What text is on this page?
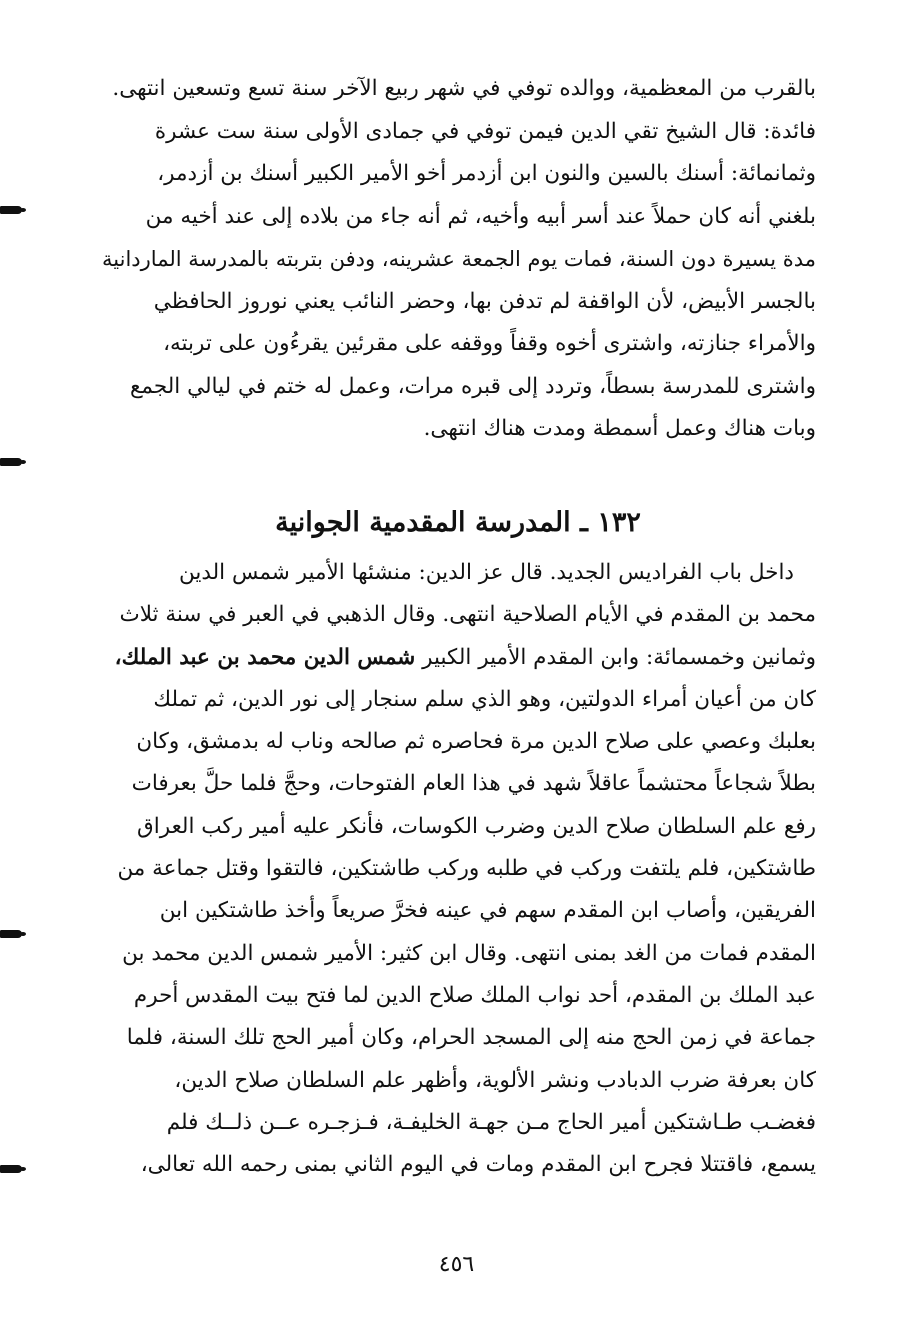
بالقرب من المعظمية، ووالده توفي في شهر ربيع الآخر سنة تسع وتسعين انتهى.
فائدة: قال الشيخ تقي الدين فيمن توفي في جمادى الأولى سنة ست عشرة
وثمانمائة: أسنك بالسين والنون ابن أزدمر أخو الأمير الكبير أسنك بن أزدمر،
بلغني أنه كان حملاً عند أسر أبيه وأخيه، ثم أنه جاء من بلاده إلى عند أخيه من
مدة يسيرة دون السنة، فمات يوم الجمعة عشرينه، ودفن بتربته بالمدرسة الماردانية
بالجسر الأبيض، لأن الواقفة لم تدفن بها، وحضر النائب يعني نوروز الحافظي
والأمراء جنازته، واشترى أخوه وقفاً ووقفه على مقرئين يقرءُون على تربته،
واشترى للمدرسة بسطاً، وتردد إلى قبره مرات، وعمل له ختم في ليالي الجمع
وبات هناك وعمل أسمطة ومدت هناك انتهى.

١٣٢ ـ المدرسة المقدمية الجوانية

داخل باب الفراديس الجديد. قال عز الدين: منشئها الأمير شمس الدين
محمد بن المقدم في الأيام الصلاحية انتهى. وقال الذهبي في العبر في سنة ثلاث
وثمانين وخمسمائة: وابن المقدم الأمير الكبير شمس الدين محمد بن عبد الملك،
كان من أعيان أمراء الدولتين، وهو الذي سلم سنجار إلى نور الدين، ثم تملك
بعلبك وعصي على صلاح الدين مرة فحاصره ثم صالحه وناب له بدمشق، وكان
بطلاً شجاعاً محتشماً عاقلاً شهد في هذا العام الفتوحات، وحجَّ فلما حلَّ بعرفات
رفع علم السلطان صلاح الدين وضرب الكوسات، فأنكر عليه أمير ركب العراق
طاشتكين، فلم يلتفت وركب في طلبه وركب طاشتكين، فالتقوا وقتل جماعة من
الفريقين، وأصاب ابن المقدم سهم في عينه فخرَّ صريعاً وأخذ طاشتكين ابن
المقدم فمات من الغد بمنى انتهى. وقال ابن كثير: الأمير شمس الدين محمد بن
عبد الملك بن المقدم، أحد نواب الملك صلاح الدين لما فتح بيت المقدس أحرم
جماعة في زمن الحج منه إلى المسجد الحرام، وكان أمير الحج تلك السنة، فلما
كان بعرفة ضرب الدبادب ونشر الألوية، وأظهر علم السلطان صلاح الدين،
فغضـب طـاشتكين أمير الحاج مـن جهـة الخليفـة، فـزجـره عــن ذلــك فلم
يسمع، فاقتتلا فجرح ابن المقدم ومات في اليوم الثاني بمنى رحمه الله تعالى،

٤٥٦
